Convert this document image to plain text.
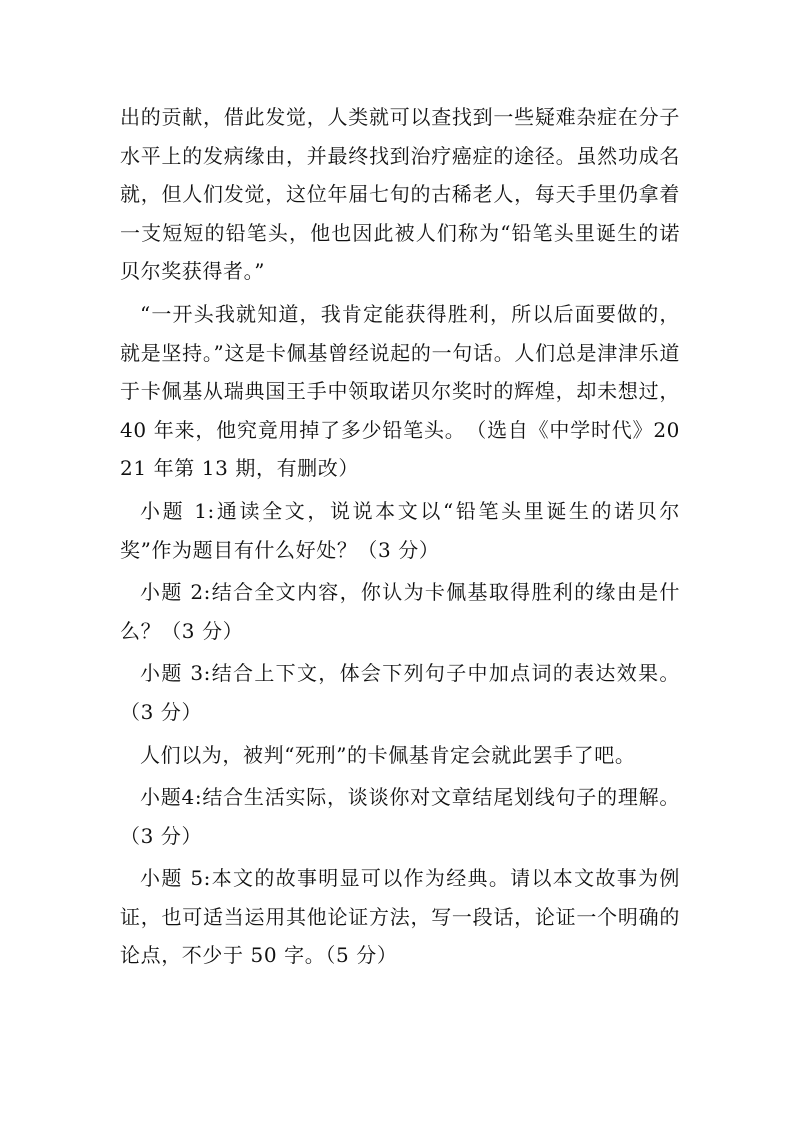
出的贡献，借此发觉，人类就可以查找到一些疑难杂症在分子水平上的发病缘由，并最终找到治疗癌症的途径。虽然功成名就，但人们发觉，这位年届七旬的古稀老人，每天手里仍拿着一支短短的铅笔头，他也因此被人们称为“铅笔头里诞生的诺贝尔奖获得者。”

“一开头我就知道，我肯定能获得胜利，所以后面要做的，就是坚持。”这是卡佩基曾经说起的一句话。人们总是津津乐道于卡佩基从瑞典国王手中领取诺贝尔奖时的辉煌，却未想过，40 年来，他究竟用掉了多少铅笔头。　（选自《中学时代》2021 年第 13 期，有删改）

小题 1:通读全文，说说本文以“铅笔头里诞生的诺贝尔奖”作为题目有什么好处？（3 分）

小题 2:结合全文内容，你认为卡佩基取得胜利的缘由是什么？（3 分）

小题 3:结合上下文，体会下列句子中加点词的表达效果。（3 分）

人们以为，被判“死刑”的卡佩基肯定会就此罢手了吧。

小题4:结合生活实际，谈谈你对文章结尾划线句子的理解。（3 分）

小题 5:本文的故事明显可以作为经典。请以本文故事为例证，也可适当运用其他论证方法，写一段话，论证一个明确的论点，不少于 50 字。（5 分）
